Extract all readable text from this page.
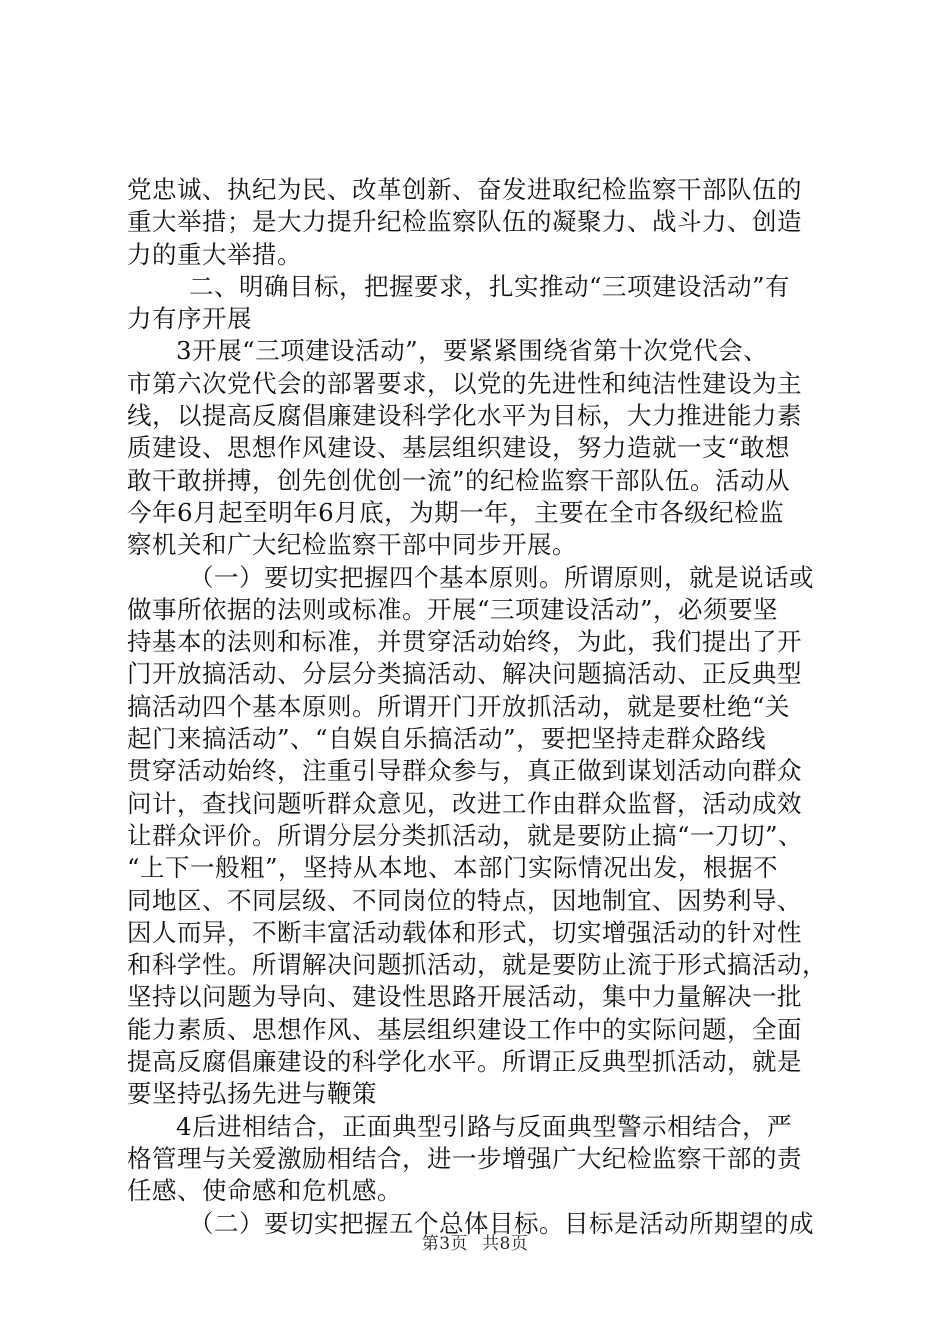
党忠诚、执纪为民、改革创新、奋发进取纪检监察干部队伍的
重大举措；是大力提升纪检监察队伍的凝聚力、战斗力、创造
力的重大举措。
二、明确目标，把握要求，扎实推动“三项建设活动”有
力有序开展
3开展“三项建设活动”，要紧紧围绕省第十次党代会、
市第六次党代会的部署要求，以党的先进性和纯洁性建设为主
线，以提高反腐倡廉建设科学化水平为目标，大力推进能力素
质建设、思想作风建设、基层组织建设，努力造就一支“敢想
敢干敢拼搏，创先创优创一流”的纪检监察干部队伍。活动从
今年6月起至明年6月底，为期一年，主要在全市各级纪检监
察机关和广大纪检监察干部中同步开展。
（一）要切实把握四个基本原则。所谓原则，就是说话或
做事所依据的法则或标准。开展“三项建设活动”，必须要坚
持基本的法则和标准，并贯穿活动始终，为此，我们提出了开
门开放搞活动、分层分类搞活动、解决问题搞活动、正反典型
搞活动四个基本原则。所谓开门开放抓活动，就是要杜绝“关
起门来搞活动”、“自娱自乐搞活动”，要把坚持走群众路线
贯穿活动始终，注重引导群众参与，真正做到谋划活动向群众
问计，查找问题听群众意见，改进工作由群众监督，活动成效
让群众评价。所谓分层分类抓活动，就是要防止搞“一刀切”、
“上下一般粗”，坚持从本地、本部门实际情况出发，根据不
同地区、不同层级、不同岗位的特点，因地制宜、因势利导、
因人而异，不断丰富活动载体和形式，切实增强活动的针对性
和科学性。所谓解决问题抓活动，就是要防止流于形式搞活动，
坚持以问题为导向、建设性思路开展活动，集中力量解决一批
能力素质、思想作风、基层组织建设工作中的实际问题，全面
提高反腐倡廉建设的科学化水平。所谓正反典型抓活动，就是
要坚持弘扬先进与鞭策
4后进相结合，正面典型引路与反面典型警示相结合，严
格管理与关爱激励相结合，进一步增强广大纪检监察干部的责
任感、使命感和危机感。
（二）要切实把握五个总体目标。目标是活动所期望的成
第3页 共8页
